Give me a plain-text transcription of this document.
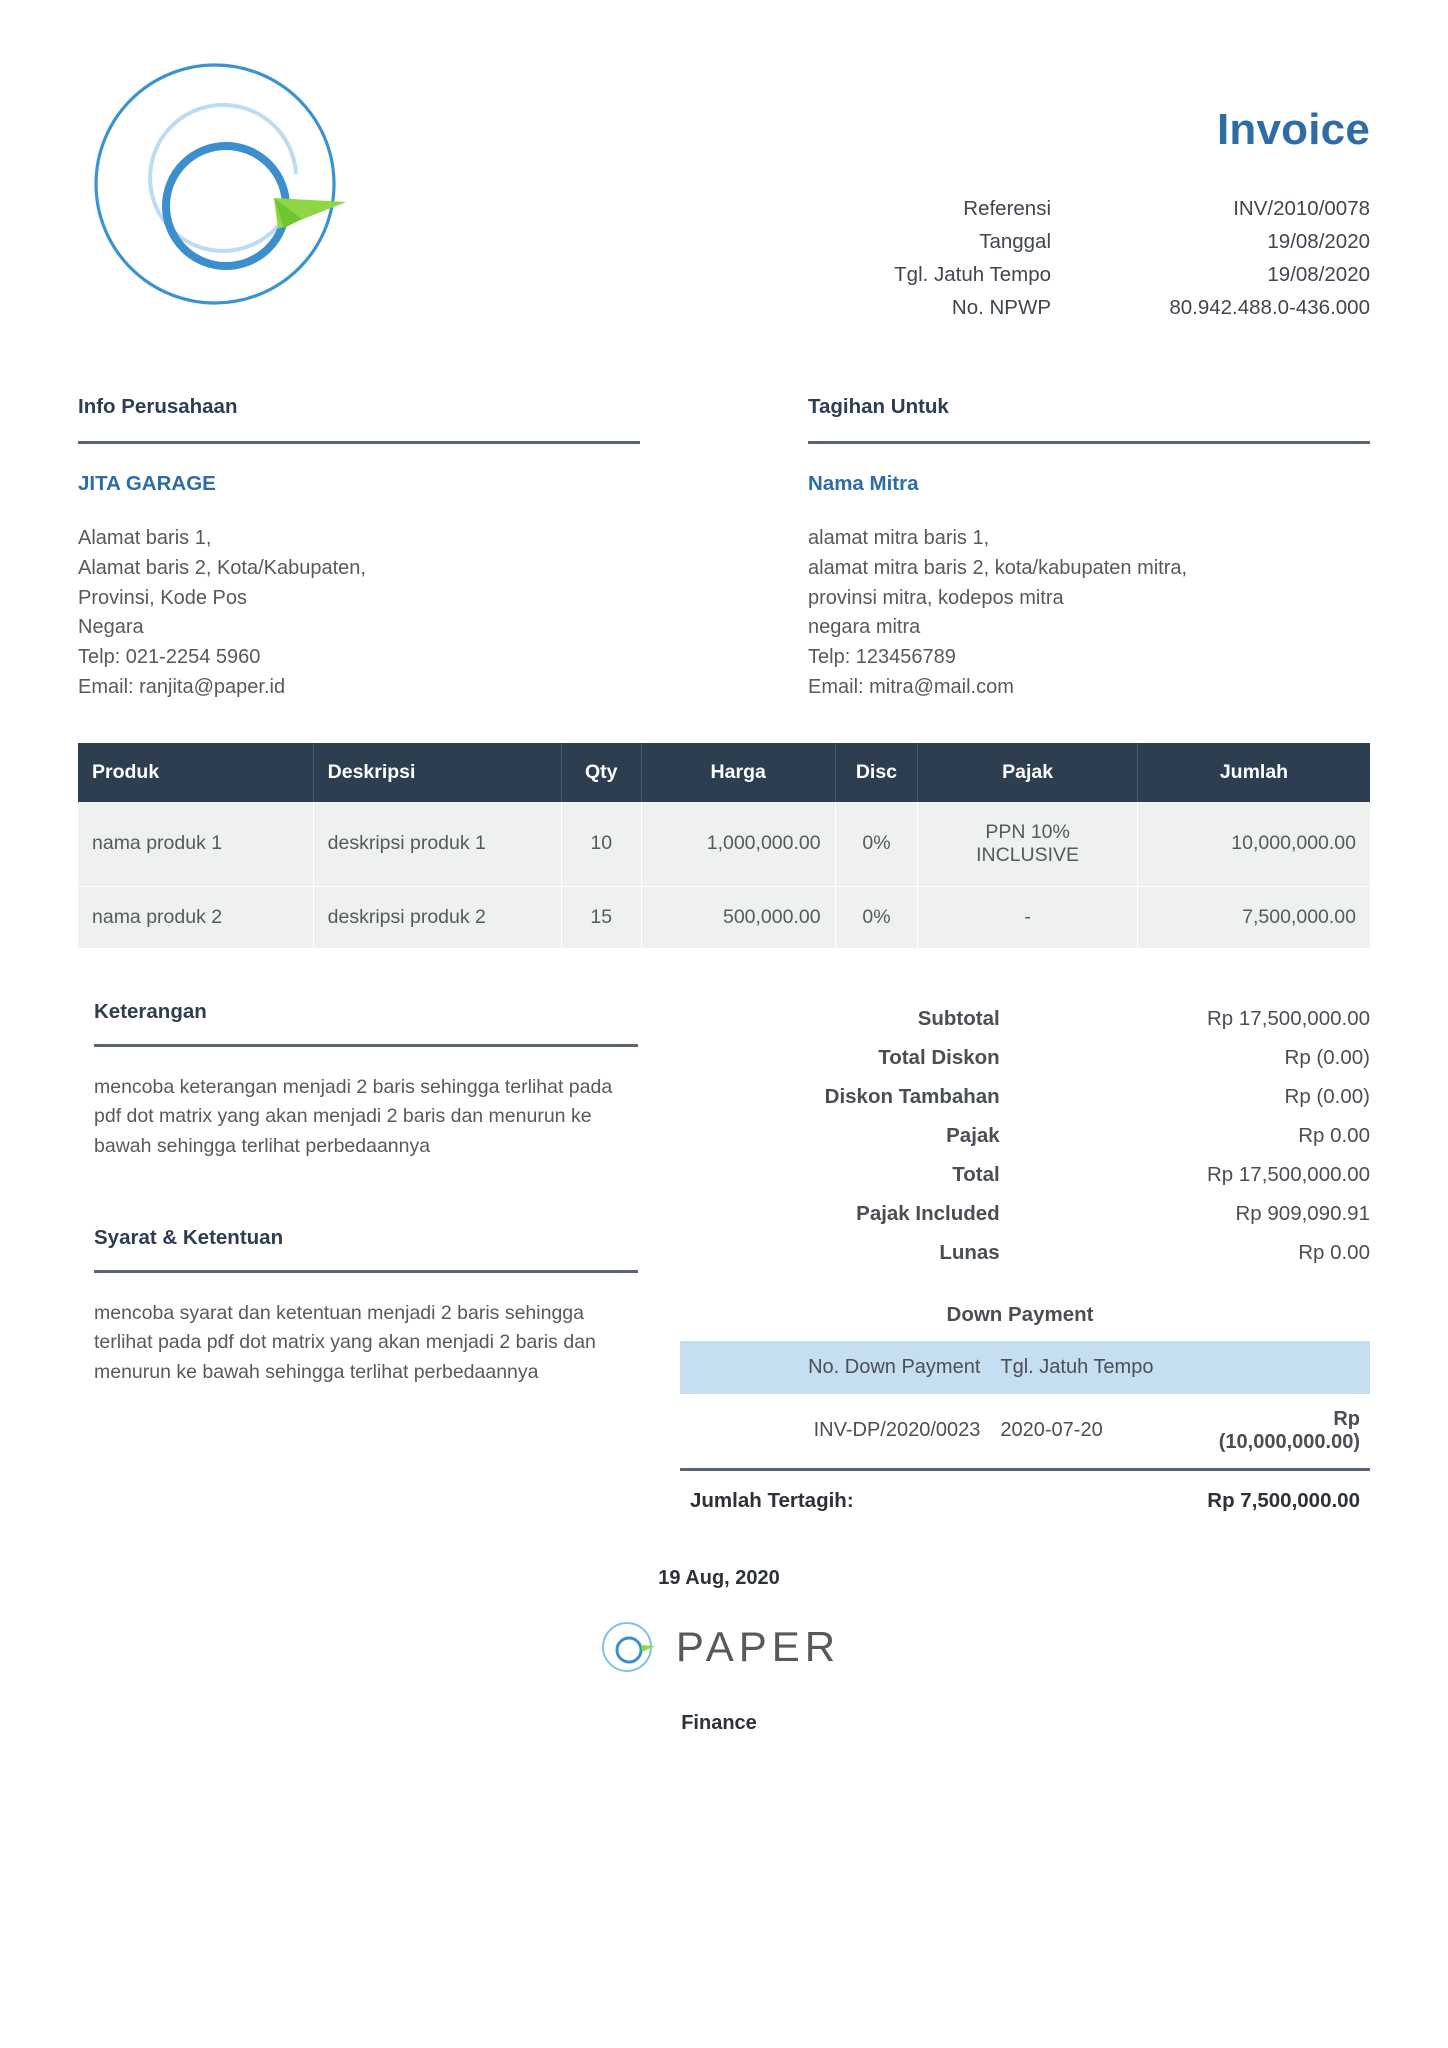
Invoice
Referensi	INV/2010/0078
Tanggal	19/08/2020
Tgl. Jatuh Tempo	19/08/2020
No. NPWP	80.942.488.0-436.000
Info Perusahaan
JITA GARAGE
Alamat baris 1,
Alamat baris 2, Kota/Kabupaten,
Provinsi, Kode Pos
Negara
Telp: 021-2254 5960
Email: ranjita@paper.id
Tagihan Untuk
Nama Mitra
alamat mitra baris 1,
alamat mitra baris 2, kota/kabupaten mitra,
provinsi mitra, kodepos mitra
negara mitra
Telp: 123456789
Email: mitra@mail.com
Produk	Deskripsi	Qty	Harga	Disc	Pajak	Jumlah
nama produk 1	deskripsi produk 1	10	1,000,000.00	0%	PPN 10% INCLUSIVE	10,000,000.00
nama produk 2	deskripsi produk 2	15	500,000.00	0%	-	7,500,000.00
Keterangan
mencoba keterangan menjadi 2 baris sehingga terlihat pada pdf dot matrix yang akan menjadi 2 baris dan menurun ke bawah sehingga terlihat perbedaannya
Syarat & Ketentuan
mencoba syarat dan ketentuan menjadi 2 baris sehingga terlihat pada pdf dot matrix yang akan menjadi 2 baris dan menurun ke bawah sehingga terlihat perbedaannya
Subtotal	Rp 17,500,000.00
Total Diskon	Rp (0.00)
Diskon Tambahan	Rp (0.00)
Pajak	Rp 0.00
Total	Rp 17,500,000.00
Pajak Included	Rp 909,090.91
Lunas	Rp 0.00
Down Payment
No. Down Payment	Tgl. Jatuh Tempo	
INV-DP/2020/0023	2020-07-20	Rp (10,000,000.00)
Jumlah Tertagih:	Rp 7,500,000.00
19 Aug, 2020
PAPER
Finance
